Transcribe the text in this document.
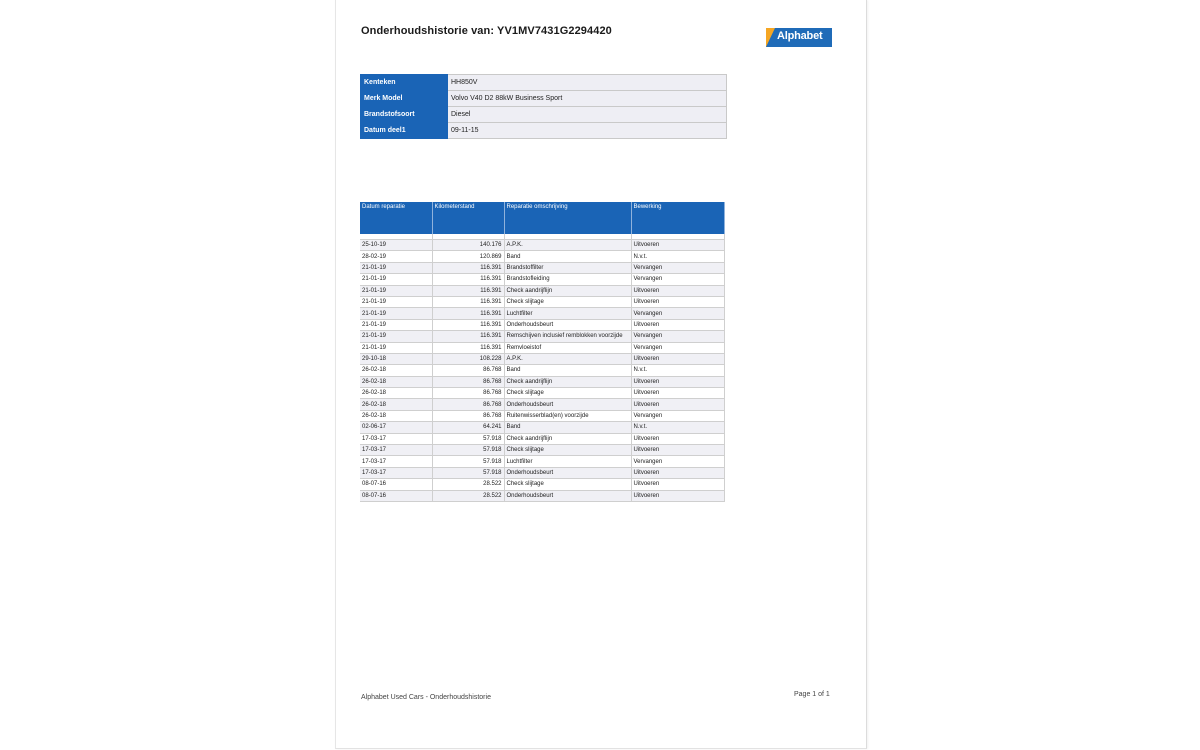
Onderhoudshistorie van: YV1MV7431G2294420	Alphabet
Kenteken	HH850V
Merk Model	Volvo V40 D2 88kW Business Sport
Brandstofsoort	Diesel
Datum deel1	09-11-15
Datum reparatie	Kilometerstand	Reparatie omschrijving	Bewerking

25-10-19	140.176	A.P.K.	Uitvoeren
28-02-19	120.869	Band	N.v.t.
21-01-19	116.391	Brandstoffilter	Vervangen
21-01-19	116.391	Brandstofleiding	Vervangen
21-01-19	116.391	Check aandrijflijn	Uitvoeren
21-01-19	116.391	Check slijtage	Uitvoeren
21-01-19	116.391	Luchtfilter	Vervangen
21-01-19	116.391	Onderhoudsbeurt	Uitvoeren
21-01-19	116.391	Remschijven inclusief remblokken voorzijde	Vervangen
21-01-19	116.391	Remvloeistof	Vervangen
29-10-18	108.228	A.P.K.	Uitvoeren
26-02-18	86.768	Band	N.v.t.
26-02-18	86.768	Check aandrijflijn	Uitvoeren
26-02-18	86.768	Check slijtage	Uitvoeren
26-02-18	86.768	Onderhoudsbeurt	Uitvoeren
26-02-18	86.768	Ruitenwisserblad(en) voorzijde	Vervangen
02-06-17	64.241	Band	N.v.t.
17-03-17	57.918	Check aandrijflijn	Uitvoeren
17-03-17	57.918	Check slijtage	Uitvoeren
17-03-17	57.918	Luchtfilter	Vervangen
17-03-17	57.918	Onderhoudsbeurt	Uitvoeren
08-07-16	28.522	Check slijtage	Uitvoeren
08-07-16	28.522	Onderhoudsbeurt	Uitvoeren
Alphabet Used Cars - Onderhoudshistorie	Page 1 of 1
